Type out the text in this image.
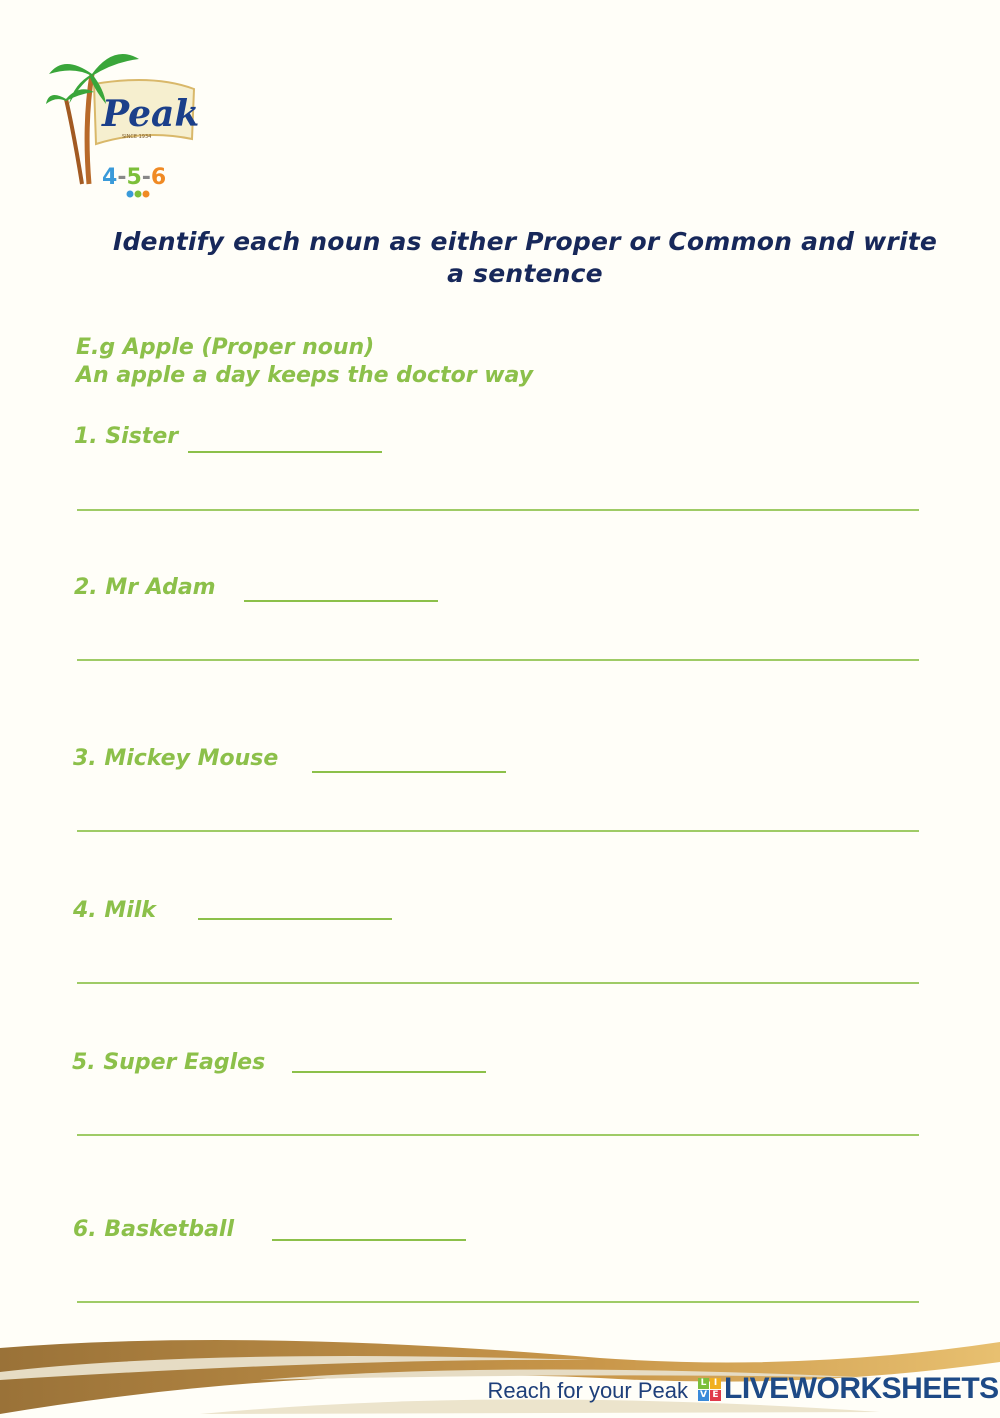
Peak
SINCE 1934
4-5-6
Identify each noun as either Proper or Common and write a sentence
E.g Apple (Proper noun)
An apple a day keeps the doctor way
1. Sister
2. Mr Adam
3. Mickey Mouse
4. Milk
5. Super Eagles
6. Basketball
Reach for your Peak L I
V E LIVEWORKSHEETS
